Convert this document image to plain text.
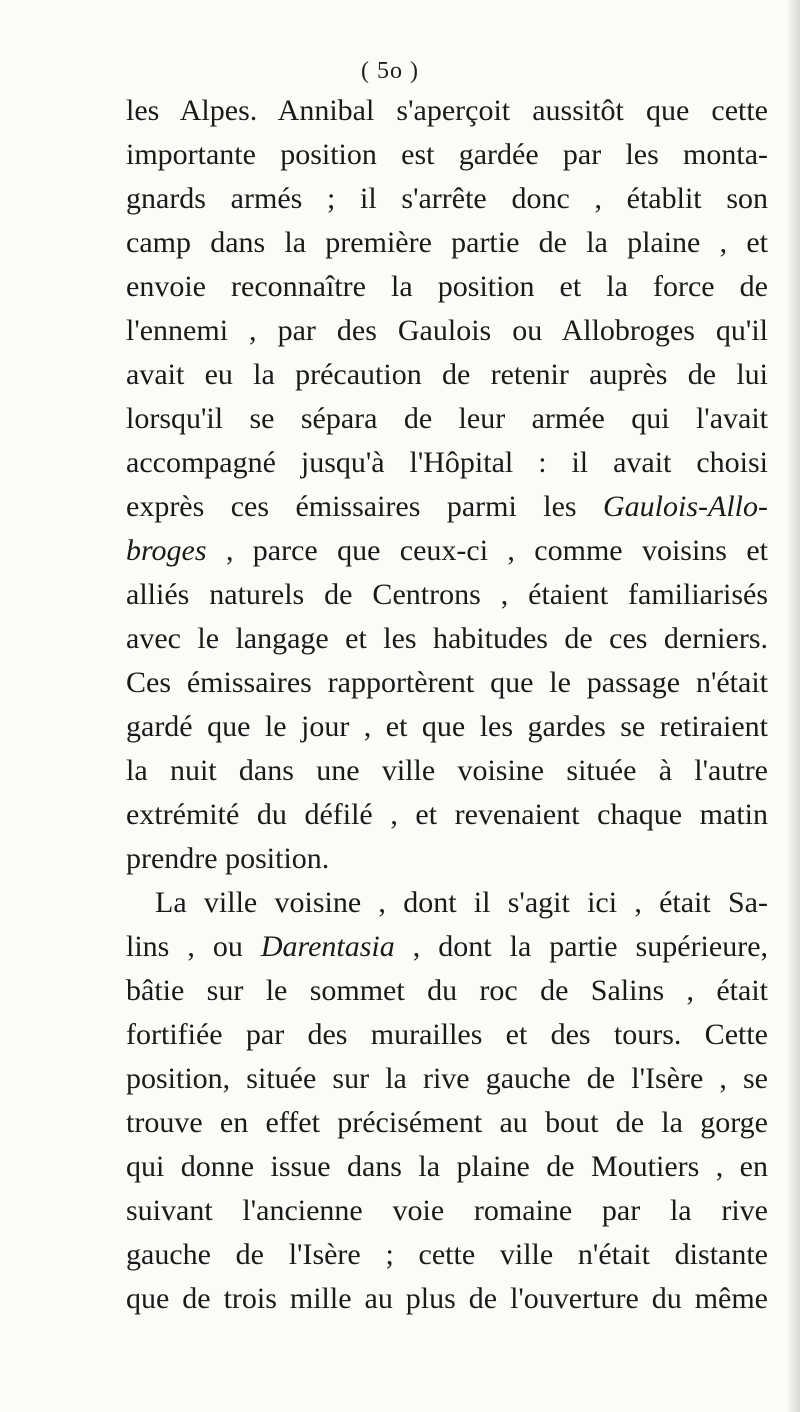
( 5o )
les Alpes. Annibal s'aperçoit aussitôt que cette
importante position est gardée par les monta-
gnards armés ; il s'arrête donc , établit son
camp dans la première partie de la plaine , et
envoie reconnaître la position et la force de
l'ennemi , par des Gaulois ou Allobroges qu'il
avait eu la précaution de retenir auprès de lui
lorsqu'il se sépara de leur armée qui l'avait
accompagné jusqu'à l'Hôpital : il avait choisi
exprès ces émissaires parmi les Gaulois-Allo-
broges , parce que ceux-ci , comme voisins et
alliés naturels de Centrons , étaient familiarisés
avec le langage et les habitudes de ces derniers.
Ces émissaires rapportèrent que le passage n'était
gardé que le jour , et que les gardes se retiraient
la nuit dans une ville voisine située à l'autre
extrémité du défilé , et revenaient chaque matin
prendre position.
La ville voisine , dont il s'agit ici , était Sa-
lins , ou Darentasia , dont la partie supérieure,
bâtie sur le sommet du roc de Salins , était
fortifiée par des murailles et des tours. Cette
position, située sur la rive gauche de l'Isère , se
trouve en effet précisément au bout de la gorge
qui donne issue dans la plaine de Moutiers , en
suivant l'ancienne voie romaine par la rive
gauche de l'Isère ; cette ville n'était distante
que de trois mille au plus de l'ouverture du même
